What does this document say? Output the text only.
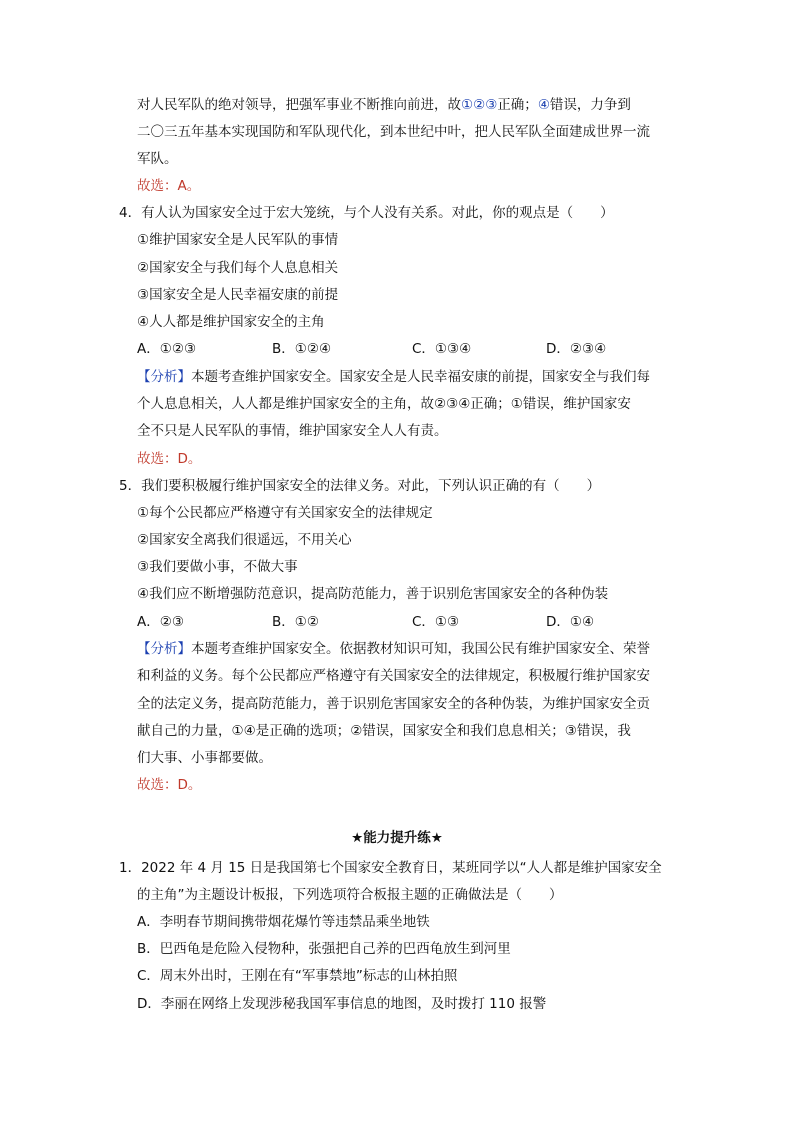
对人民军队的绝对领导，把强军事业不断推向前进，故①②③正确；④错误，力争到
二〇三五年基本实现国防和军队现代化，到本世纪中叶，把人民军队全面建成世界一流
军队。
故选：A。
4．有人认为国家安全过于宏大笼统，与个人没有关系。对此，你的观点是（　　）
①维护国家安全是人民军队的事情
②国家安全与我们每个人息息相关
③国家安全是人民幸福安康的前提
④人人都是维护国家安全的主角
A．①②③	B．①②④	C．①③④	D．②③④
【分析】本题考查维护国家安全。国家安全是人民幸福安康的前提，国家安全与我们每
个人息息相关，人人都是维护国家安全的主角，故②③④正确；①错误，维护国家安
全不只是人民军队的事情，维护国家安全人人有责。
故选：D。
5．我们要积极履行维护国家安全的法律义务。对此，下列认识正确的有（　　）
①每个公民都应严格遵守有关国家安全的法律规定
②国家安全离我们很遥远，不用关心
③我们要做小事，不做大事
④我们应不断增强防范意识，提高防范能力，善于识别危害国家安全的各种伪装
A．②③	B．①②	C．①③	D．①④
【分析】本题考查维护国家安全。依据教材知识可知，我国公民有维护国家安全、荣誉
和利益的义务。每个公民都应严格遵守有关国家安全的法律规定，积极履行维护国家安
全的法定义务，提高防范能力，善于识别危害国家安全的各种伪装，为维护国家安全贡
献自己的力量，①④是正确的选项；②错误，国家安全和我们息息相关；③错误，我
们大事、小事都要做。
故选：D。
★能力提升练★
1．2022 年 4 月 15 日是我国第七个国家安全教育日，某班同学以“人人都是维护国家安全
的主角”为主题设计板报，下列选项符合板报主题的正确做法是（　　）
A．李明春节期间携带烟花爆竹等违禁品乘坐地铁
B．巴西龟是危险入侵物种，张强把自己养的巴西龟放生到河里
C．周末外出时，王刚在有“军事禁地”标志的山林拍照
D．李丽在网络上发现涉秘我国军事信息的地图，及时拨打 110 报警
